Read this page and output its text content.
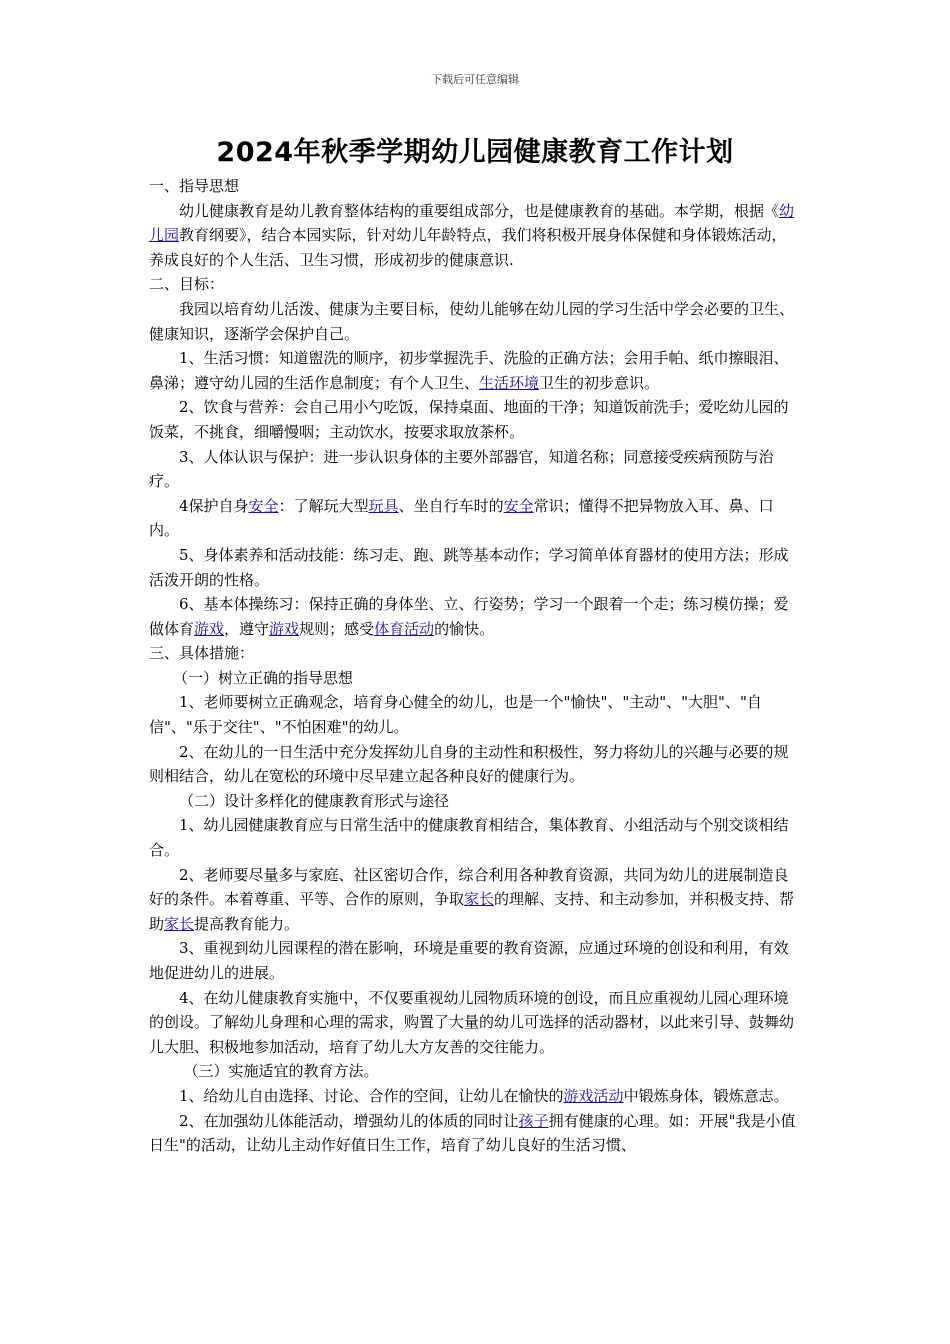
下载后可任意编辑
2024年秋季学期幼儿园健康教育工作计划

一、指导思想

幼儿健康教育是幼儿教育整体结构的重要组成部分，也是健康教育的基础。本学期，根据《幼儿园教育纲要》，结合本园实际，针对幼儿年龄特点，我们将积极开展身体保健和身体锻炼活动，养成良好的个人生活、卫生习惯，形成初步的健康意识.

二、目标：

我园以培育幼儿活泼、健康为主要目标，使幼儿能够在幼儿园的学习生活中学会必要的卫生、健康知识，逐渐学会保护自己。

1、生活习惯：知道盥洗的顺序，初步掌握洗手、洗脸的正确方法；会用手帕、纸巾擦眼泪、鼻涕；遵守幼儿园的生活作息制度；有个人卫生、生活环境卫生的初步意识。

2、饮食与营养：会自己用小勺吃饭，保持桌面、地面的干净；知道饭前洗手；爱吃幼儿园的饭菜，不挑食，细嚼慢咽；主动饮水，按要求取放茶杯。

3、人体认识与保护：进一步认识身体的主要外部器官，知道名称；同意接受疾病预防与治疗。

4保护自身安全：了解玩大型玩具、坐自行车时的安全常识；懂得不把异物放入耳、鼻、口内。

5、身体素养和活动技能：练习走、跑、跳等基本动作；学习简单体育器材的使用方法；形成活泼开朗的性格。

6、基本体操练习：保持正确的身体坐、立、行姿势；学习一个跟着一个走；练习模仿操；爱做体育游戏，遵守游戏规则；感受体育活动的愉快。

三、具体措施：

（一）树立正确的指导思想

1、老师要树立正确观念，培育身心健全的幼儿，也是一个"愉快"、"主动"、"大胆"、"自信"、"乐于交往"、"不怕困难"的幼儿。

2、在幼儿的一日生活中充分发挥幼儿自身的主动性和积极性，努力将幼儿的兴趣与必要的规则相结合，幼儿在宽松的环境中尽早建立起各种良好的健康行为。

（二）设计多样化的健康教育形式与途径

1、幼儿园健康教育应与日常生活中的健康教育相结合，集体教育、小组活动与个别交谈相结合。

2、老师要尽量多与家庭、社区密切合作，综合利用各种教育资源，共同为幼儿的进展制造良好的条件。本着尊重、平等、合作的原则，争取家长的理解、支持、和主动参加，并积极支持、帮助家长提高教育能力。

3、重视到幼儿园课程的潜在影响，环境是重要的教育资源，应通过环境的创设和利用，有效地促进幼儿的进展。

4、在幼儿健康教育实施中，不仅要重视幼儿园物质环境的创设，而且应重视幼儿园心理环境的创设。了解幼儿身理和心理的需求，购置了大量的幼儿可选择的活动器材，以此来引导、鼓舞幼儿大胆、积极地参加活动，培育了幼儿大方友善的交往能力。

（三）实施适宜的教育方法。

1、给幼儿自由选择、讨论、合作的空间，让幼儿在愉快的游戏活动中锻炼身体，锻炼意志。

2、在加强幼儿体能活动，增强幼儿的体质的同时让孩子拥有健康的心理。如：开展"我是小值日生"的活动，让幼儿主动作好值日生工作，培育了幼儿良好的生活习惯、
